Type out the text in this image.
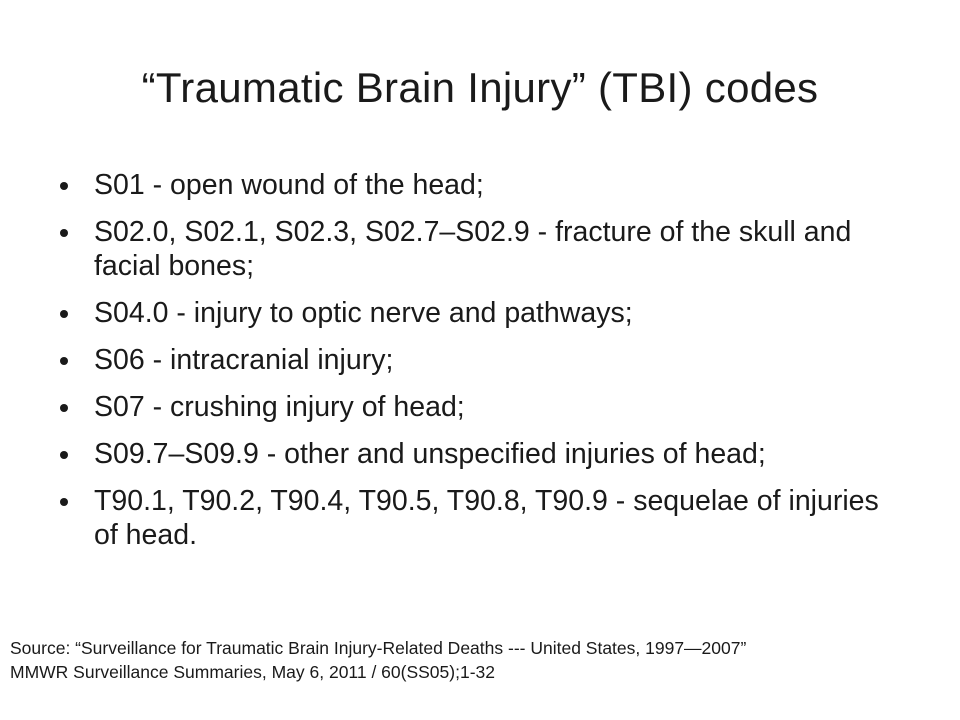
“Traumatic Brain Injury” (TBI) codes
S01 - open wound of the head;
S02.0, S02.1, S02.3, S02.7–S02.9 - fracture of the skull and facial bones;
S04.0 - injury to optic nerve and pathways;
S06 - intracranial injury;
S07 - crushing injury of head;
S09.7–S09.9 - other and unspecified injuries of head;
T90.1, T90.2, T90.4, T90.5, T90.8, T90.9 - sequelae of injuries of head.
Source: “Surveillance for Traumatic Brain Injury-Related Deaths --- United States, 1997—2007”
MMWR Surveillance Summaries, May 6, 2011 / 60(SS05);1-32
